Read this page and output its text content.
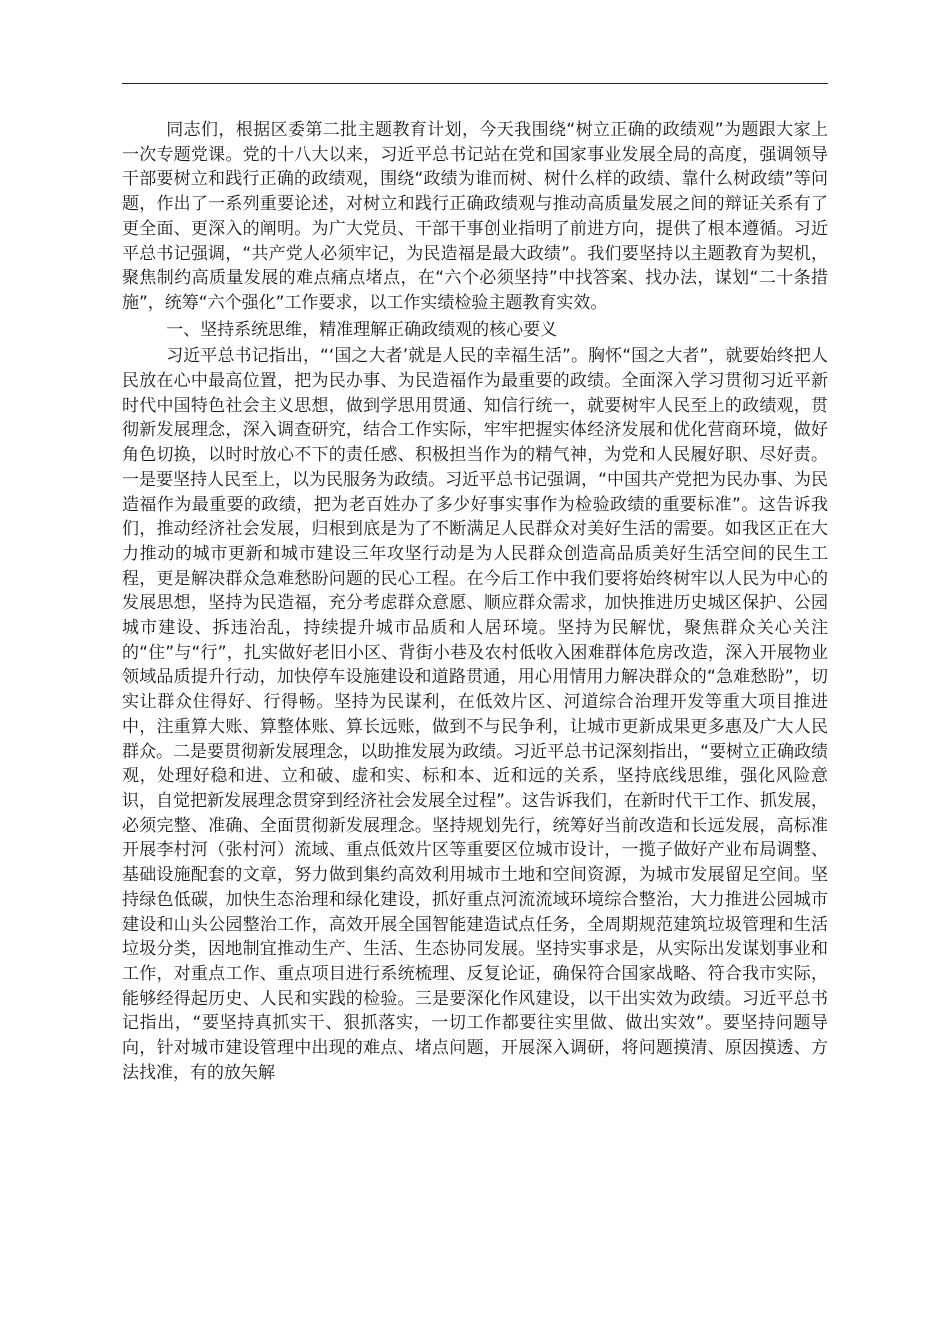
同志们，根据区委第二批主题教育计划，今天我围绕“树立正确的政绩观”为题跟大家上一次专题党课。党的十八大以来，习近平总书记站在党和国家事业发展全局的高度，强调领导干部要树立和践行正确的政绩观，围绕“政绩为谁而树、树什么样的政绩、靠什么树政绩”等问题，作出了一系列重要论述，对树立和践行正确政绩观与推动高质量发展之间的辩证关系有了更全面、更深入的阐明。为广大党员、干部干事创业指明了前进方向，提供了根本遵循。习近平总书记强调，“共产党人必须牢记，为民造福是最大政绩”。我们要坚持以主题教育为契机，聚焦制约高质量发展的难点痛点堵点，在“六个必须坚持”中找答案、找办法，谋划“二十条措施”，统筹“六个强化”工作要求，以工作实绩检验主题教育实效。

一、坚持系统思维，精准理解正确政绩观的核心要义

习近平总书记指出，“‘国之大者’就是人民的幸福生活”。胸怀“国之大者”，就要始终把人民放在心中最高位置，把为民办事、为民造福作为最重要的政绩。全面深入学习贯彻习近平新时代中国特色社会主义思想，做到学思用贯通、知信行统一，就要树牢人民至上的政绩观，贯彻新发展理念，深入调查研究，结合工作实际，牢牢把握实体经济发展和优化营商环境，做好角色切换，以时时放心不下的责任感、积极担当作为的精气神，为党和人民履好职、尽好责。一是要坚持人民至上，以为民服务为政绩。习近平总书记强调，“中国共产党把为民办事、为民造福作为最重要的政绩，把为老百姓办了多少好事实事作为检验政绩的重要标准”。这告诉我们，推动经济社会发展，归根到底是为了不断满足人民群众对美好生活的需要。如我区正在大力推动的城市更新和城市建设三年攻坚行动是为人民群众创造高品质美好生活空间的民生工程，更是解决群众急难愁盼问题的民心工程。在今后工作中我们要将始终树牢以人民为中心的发展思想，坚持为民造福，充分考虑群众意愿、顺应群众需求，加快推进历史城区保护、公园城市建设、拆违治乱，持续提升城市品质和人居环境。坚持为民解忧，聚焦群众关心关注的“住”与“行”，扎实做好老旧小区、背街小巷及农村低收入困难群体危房改造，深入开展物业领域品质提升行动，加快停车设施建设和道路贯通，用心用情用力解决群众的“急难愁盼”，切实让群众住得好、行得畅。坚持为民谋利，在低效片区、河道综合治理开发等重大项目推进中，注重算大账、算整体账、算长远账，做到不与民争利，让城市更新成果更多惠及广大人民群众。二是要贯彻新发展理念，以助推发展为政绩。习近平总书记深刻指出，“要树立正确政绩观，处理好稳和进、立和破、虚和实、标和本、近和远的关系，坚持底线思维，强化风险意识，自觉把新发展理念贯穿到经济社会发展全过程”。这告诉我们，在新时代干工作、抓发展，必须完整、准确、全面贯彻新发展理念。坚持规划先行，统筹好当前改造和长远发展，高标准开展李村河（张村河）流域、重点低效片区等重要区位城市设计，一揽子做好产业布局调整、基础设施配套的文章，努力做到集约高效利用城市土地和空间资源，为城市发展留足空间。坚持绿色低碳，加快生态治理和绿化建设，抓好重点河流流域环境综合整治，大力推进公园城市建设和山头公园整治工作，高效开展全国智能建造试点任务，全周期规范建筑垃圾管理和生活垃圾分类，因地制宜推动生产、生活、生态协同发展。坚持实事求是，从实际出发谋划事业和工作，对重点工作、重点项目进行系统梳理、反复论证，确保符合国家战略、符合我市实际，能够经得起历史、人民和实践的检验。三是要深化作风建设，以干出实效为政绩。习近平总书记指出，“要坚持真抓实干、狠抓落实，一切工作都要往实里做、做出实效”。要坚持问题导向，针对城市建设管理中出现的难点、堵点问题，开展深入调研，将问题摸清、原因摸透、方法找准，有的放矢解
